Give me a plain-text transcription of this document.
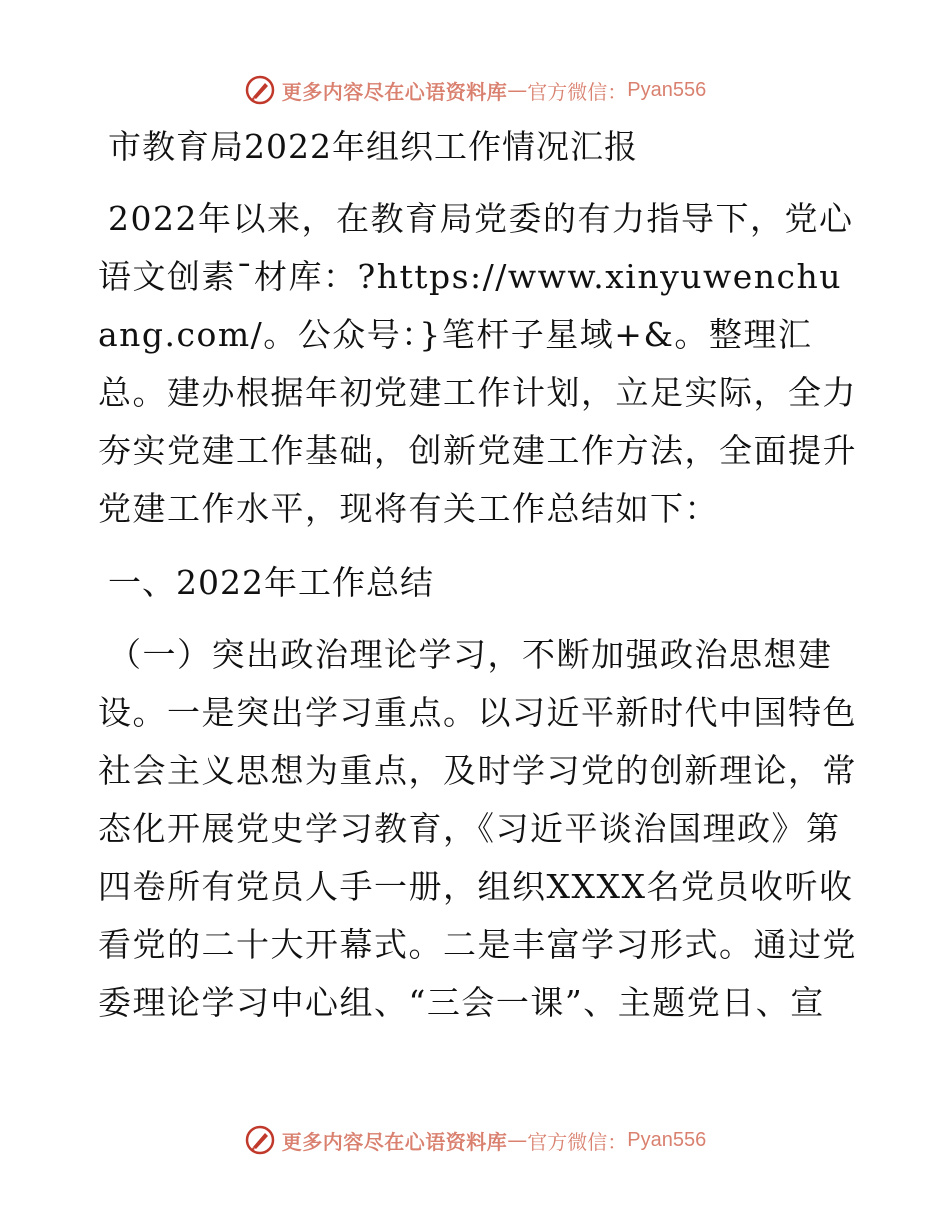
更多内容尽在心语资料库 — 官方微信： Pyan556
市教育局2022年组织工作情况汇报

2022年以来，在教育局党委的有力指导下，党心语文创素¯材库：?https://www.xinyuwenchuang.com/。公众号：}笔杆子星域+&。整理汇总。建办根据年初党建工作计划，立足实际，全力夯实党建工作基础，创新党建工作方法，全面提升党建工作水平，现将有关工作总结如下：

一、2022年工作总结

（一）突出政治理论学习，不断加强政治思想建设。一是突出学习重点。以习近平新时代中国特色社会主义思想为重点，及时学习党的创新理论，常态化开展党史学习教育，《习近平谈治国理政》第四卷所有党员人手一册，组织XXXX名党员收听收看党的二十大开幕式。二是丰富学习形式。通过党委理论学习中心组、“三会一课”、主题党日、宣

更多内容尽在心语资料库 — 官方微信： Pyan556
